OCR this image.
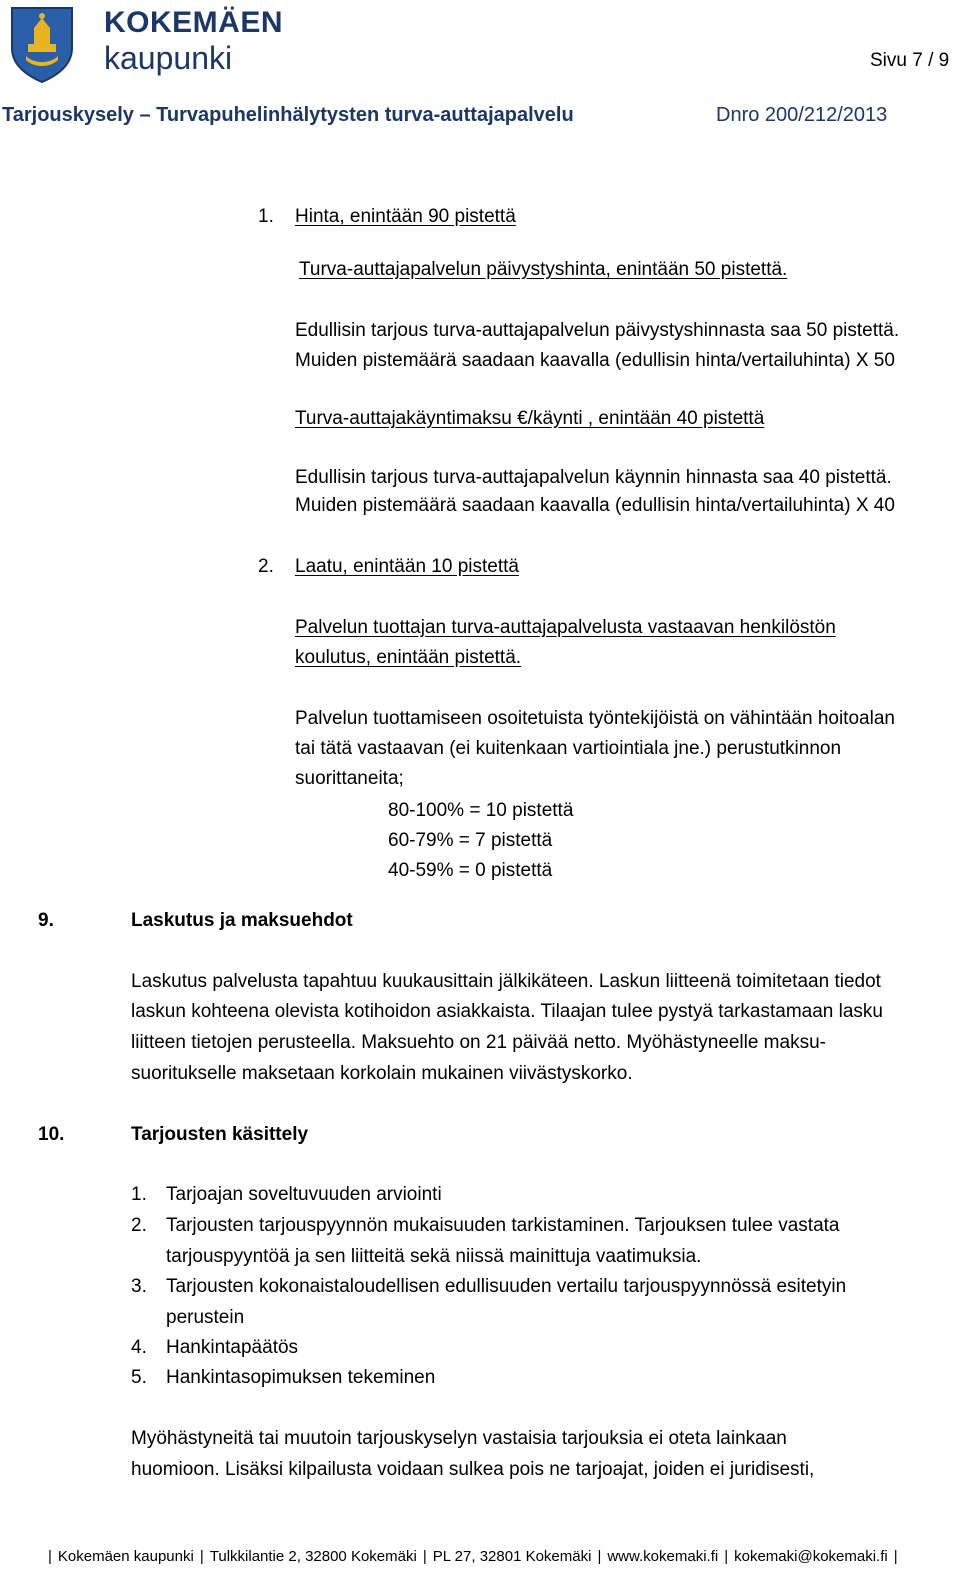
KOKEMÄEN
kaupunki	Sivu 7 / 9
Tarjouskysely – Turvapuhelinhälytysten turva-auttajapalvelu	Dnro 200/212/2013
1. Hinta, enintään 90 pistettä
Turva-auttajapalvelun päivystyshinta, enintään 50 pistettä.
Edullisin tarjous turva-auttajapalvelun päivystyshinnasta saa 50 pistettä.
Muiden pistemäärä saadaan kaavalla (edullisin hinta/vertailuhinta) X 50
Turva-auttajakäyntimaksu €/käynti , enintään 40 pistettä
Edullisin tarjous turva-auttajapalvelun käynnin hinnasta saa 40 pistettä.
Muiden pistemäärä saadaan kaavalla (edullisin hinta/vertailuhinta) X 40
2. Laatu, enintään 10 pistettä
Palvelun tuottajan turva-auttajapalvelusta vastaavan henkilöstön
koulutus, enintään pistettä.
Palvelun tuottamiseen osoitetuista työntekijöistä on vähintään hoitoalan
tai tätä vastaavan (ei kuitenkaan vartiointiala jne.) perustutkinnon
suorittaneita;
80-100% = 10 pistettä
60-79% = 7 pistettä
40-59% = 0 pistettä
9.	Laskutus ja maksuehdot
Laskutus palvelusta tapahtuu kuukausittain jälkikäteen. Laskun liitteenä toimitetaan tiedot
laskun kohteena olevista kotihoidon asiakkaista. Tilaajan tulee pystyä tarkastamaan lasku
liitteen tietojen perusteella. Maksuehto on 21 päivää netto. Myöhästyneelle maksu-
suoritukselle maksetaan korkolain mukainen viivästyskorko.
10.	Tarjousten käsittely
1. Tarjoajan soveltuvuuden arviointi
2. Tarjousten tarjouspyynnön mukaisuuden tarkistaminen. Tarjouksen tulee vastata
tarjouspyyntöä ja sen liitteitä sekä niissä mainittuja vaatimuksia.
3. Tarjousten kokonaistaloudellisen edullisuuden vertailu tarjouspyynnössä esitetyin
perustein
4. Hankintapäätös
5. Hankintasopimuksen tekeminen
Myöhästyneitä tai muutoin tarjouskyselyn vastaisia tarjouksia ei oteta lainkaan
huomioon. Lisäksi kilpailusta voidaan sulkea pois ne tarjoajat, joiden ei juridisesti,
| Kokemäen kaupunki | Tulkkilantie 2, 32800 Kokemäki | PL 27, 32801 Kokemäki | www.kokemaki.fi | kokemaki@kokemaki.fi |
